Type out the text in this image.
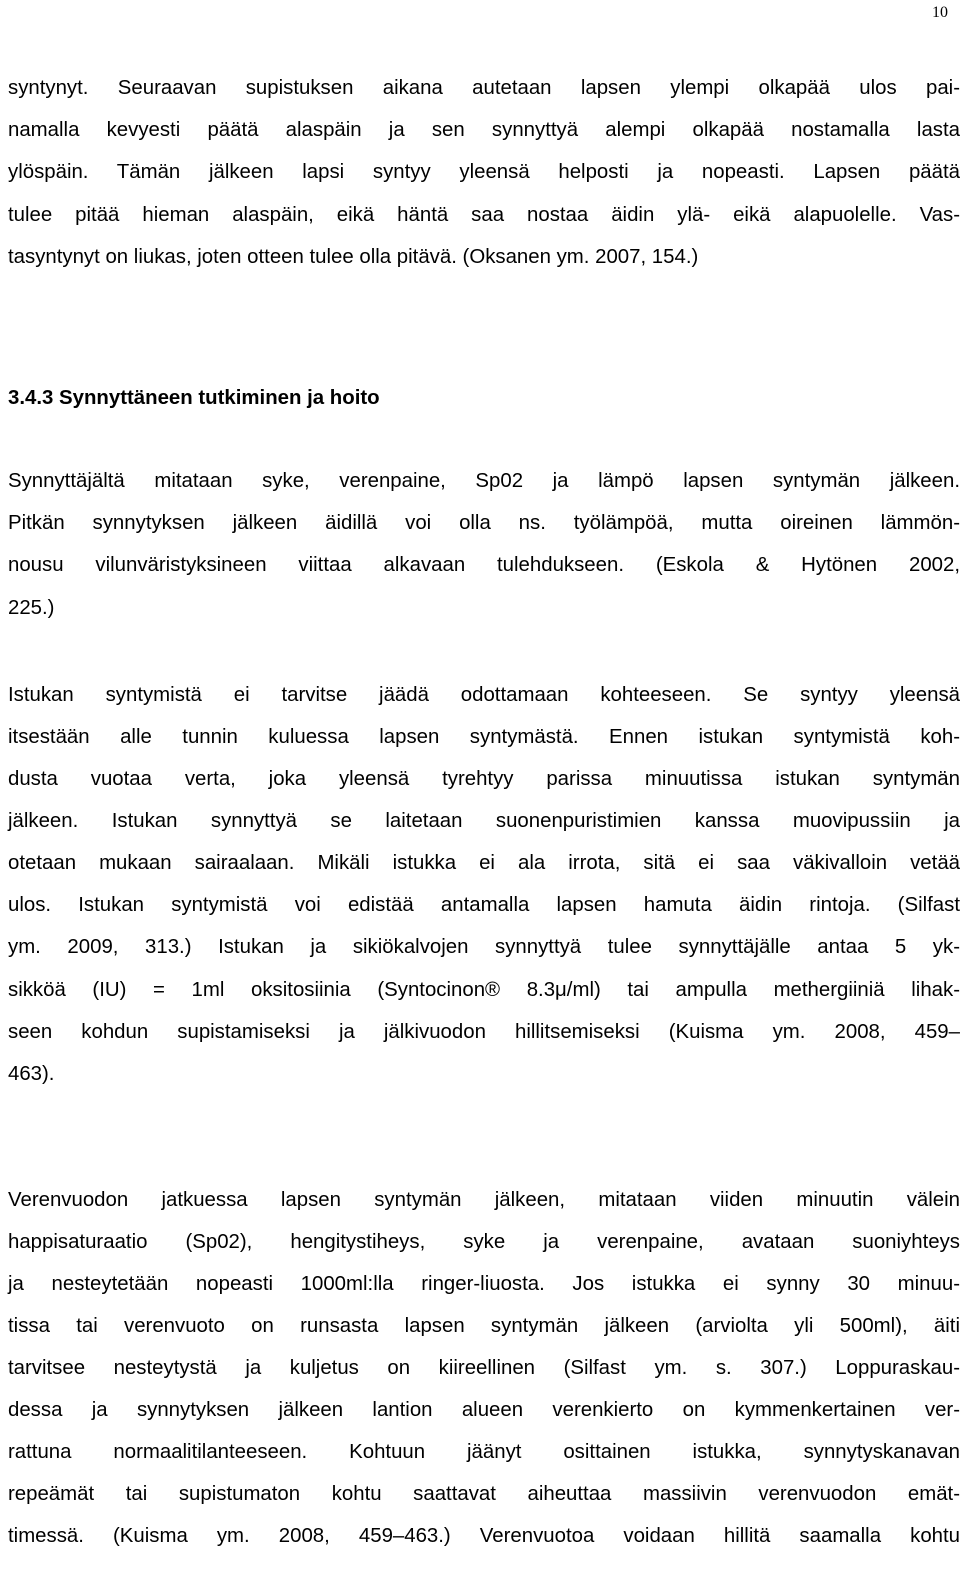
10
syntynyt. Seuraavan supistuksen aikana autetaan lapsen ylempi olkapää ulos pai-
namalla kevyesti päätä alaspäin ja sen synnyttyä alempi olkapää nostamalla lasta
ylöspäin. Tämän jälkeen lapsi syntyy yleensä helposti ja nopeasti. Lapsen päätä
tulee pitää hieman alaspäin, eikä häntä saa nostaa äidin ylä- eikä alapuolelle. Vas-
tasyntynyt on liukas, joten otteen tulee olla pitävä. (Oksanen ym. 2007, 154.)
3.4.3 Synnyttäneen tutkiminen ja hoito
Synnyttäjältä mitataan syke, verenpaine, Sp02 ja lämpö lapsen syntymän jälkeen.
Pitkän synnytyksen jälkeen äidillä voi olla ns. työlämpöä, mutta oireinen lämmön-
nousu vilunväristyksineen viittaa alkavaan tulehdukseen. (Eskola & Hytönen 2002,
225.)
Istukan syntymistä ei tarvitse jäädä odottamaan kohteeseen. Se syntyy yleensä
itsestään alle tunnin kuluessa lapsen syntymästä. Ennen istukan syntymistä koh-
dusta vuotaa verta, joka yleensä tyrehtyy parissa minuutissa istukan syntymän
jälkeen. Istukan synnyttyä se laitetaan suonenpuristimien kanssa muovipussiin ja
otetaan mukaan sairaalaan. Mikäli istukka ei ala irrota, sitä ei saa väkivalloin vetää
ulos. Istukan syntymistä voi edistää antamalla lapsen hamuta äidin rintoja. (Silfast
ym. 2009, 313.) Istukan ja sikiökalvojen synnyttyä tulee synnyttäjälle antaa 5 yk-
sikköä (IU) = 1ml oksitosiinia (Syntocinon® 8.3μ/ml) tai ampulla methergiiniä lihak-
seen kohdun supistamiseksi ja jälkivuodon hillitsemiseksi (Kuisma ym. 2008, 459–
463).
Verenvuodon jatkuessa lapsen syntymän jälkeen, mitataan viiden minuutin välein
happisaturaatio (Sp02), hengitystiheys, syke ja verenpaine, avataan suoniyhteys
ja nesteytetään nopeasti 1000ml:lla ringer-liuosta. Jos istukka ei synny 30 minuu-
tissa tai verenvuoto on runsasta lapsen syntymän jälkeen (arviolta yli 500ml), äiti
tarvitsee nesteytystä ja kuljetus on kiireellinen (Silfast ym. s. 307.) Loppuraskau-
dessa ja synnytyksen jälkeen lantion alueen verenkierto on kymmenkertainen ver-
rattuna normaalitilanteeseen. Kohtuun jäänyt osittainen istukka, synnytyskanavan
repeämät tai supistumaton kohtu saattavat aiheuttaa massiivin verenvuodon emät-
timessä. (Kuisma ym. 2008, 459–463.) Verenvuotoa voidaan hillitä saamalla kohtu
